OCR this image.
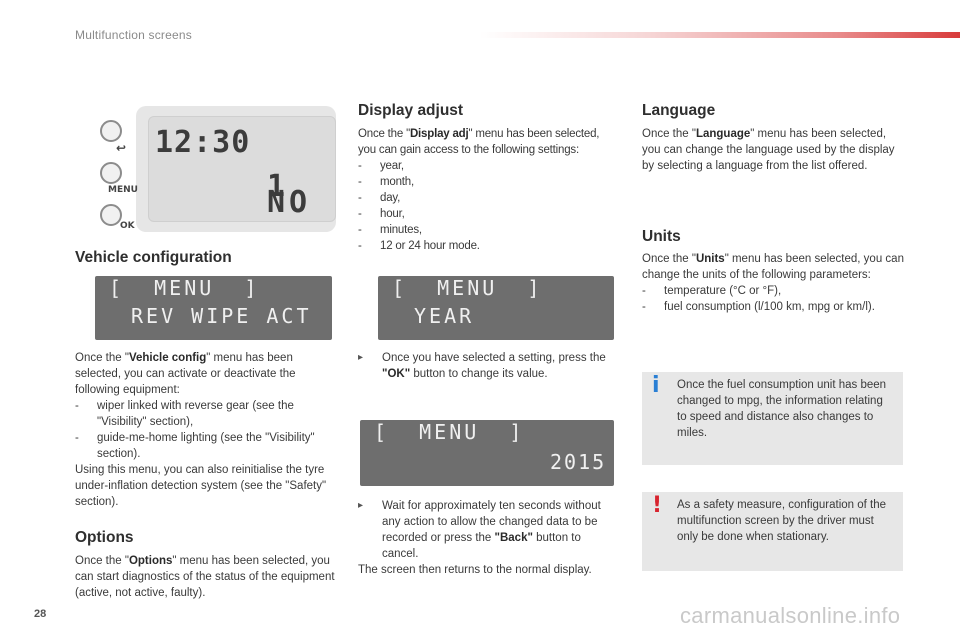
Multifunction screens
12:30
1 NO
↩
MENU
OK
Vehicle configuration
[  MENU  ]
REV WIPE ACT
Once the "Vehicle config" menu has been selected, you can activate or deactivate the following equipment:
- wiper linked with reverse gear (see the "Visibility" section),
- guide-me-home lighting (see the "Visibility" section).
Using this menu, you can also reinitialise the tyre under-inflation detection system (see the "Safety" section).
Options
Once the "Options" menu has been selected, you can start diagnostics of the status of the equipment (active, not active, faulty).
Display adjust
Once the "Display adj" menu has been selected, you can gain access to the following settings:
- year,
- month,
- day,
- hour,
- minutes,
- 12 or 24 hour mode.
[  MENU  ]
YEAR
▸ Once you have selected a setting, press the "OK" button to change its value.
[  MENU  ]
2015
▸ Wait for approximately ten seconds without any action to allow the changed data to be recorded or press the "Back" button to cancel.
The screen then returns to the normal display.
Language
Once the "Language" menu has been selected, you can change the language used by the display by selecting a language from the list offered.
Units
Once the "Units" menu has been selected, you can change the units of the following parameters:
- temperature (°C or °F),
- fuel consumption (l/100 km, mpg or km/l).
i Once the fuel consumption unit has been changed to mpg, the information relating to speed and distance also changes to miles.
! As a safety measure, configuration of the multifunction screen by the driver must only be done when stationary.
28	carmanualsonline.info
